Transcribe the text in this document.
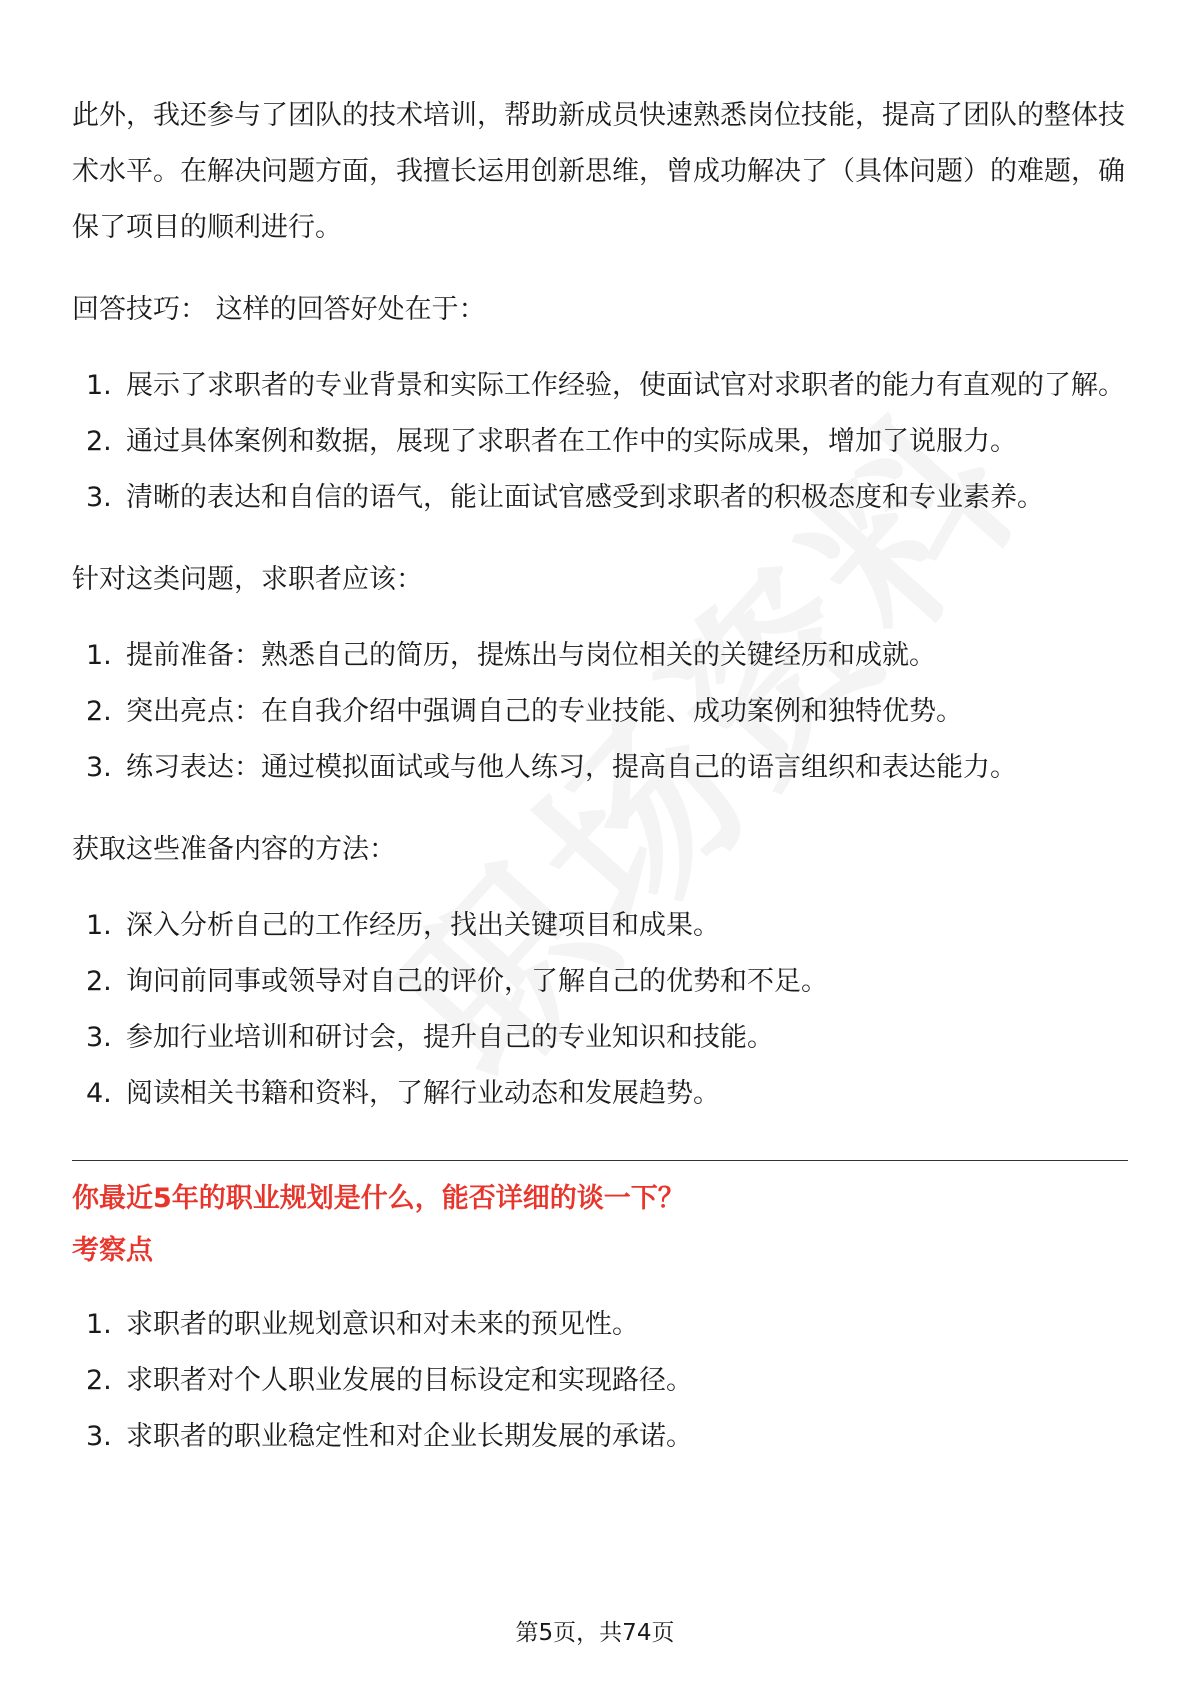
此外，我还参与了团队的技术培训，帮助新成员快速熟悉岗位技能，提高了团队的整体技术水平。在解决问题方面，我擅长运用创新思维，曾成功解决了（具体问题）的难题，确保了项目的顺利进行。

回答技巧： 这样的回答好处在于：

1. 展示了求职者的专业背景和实际工作经验，使面试官对求职者的能力有直观的了解。
2. 通过具体案例和数据，展现了求职者在工作中的实际成果，增加了说服力。
3. 清晰的表达和自信的语气，能让面试官感受到求职者的积极态度和专业素养。

针对这类问题，求职者应该：

1. 提前准备：熟悉自己的简历，提炼出与岗位相关的关键经历和成就。
2. 突出亮点：在自我介绍中强调自己的专业技能、成功案例和独特优势。
3. 练习表达：通过模拟面试或与他人练习，提高自己的语言组织和表达能力。

获取这些准备内容的方法：

1. 深入分析自己的工作经历，找出关键项目和成果。
2. 询问前同事或领导对自己的评价，了解自己的优势和不足。
3. 参加行业培训和研讨会，提升自己的专业知识和技能。
4. 阅读相关书籍和资料，了解行业动态和发展趋势。

你最近5年的职业规划是什么，能否详细的谈一下？

考察点

1. 求职者的职业规划意识和对未来的预见性。
2. 求职者对个人职业发展的目标设定和实现路径。
3. 求职者的职业稳定性和对企业长期发展的承诺。
第5页，共74页
